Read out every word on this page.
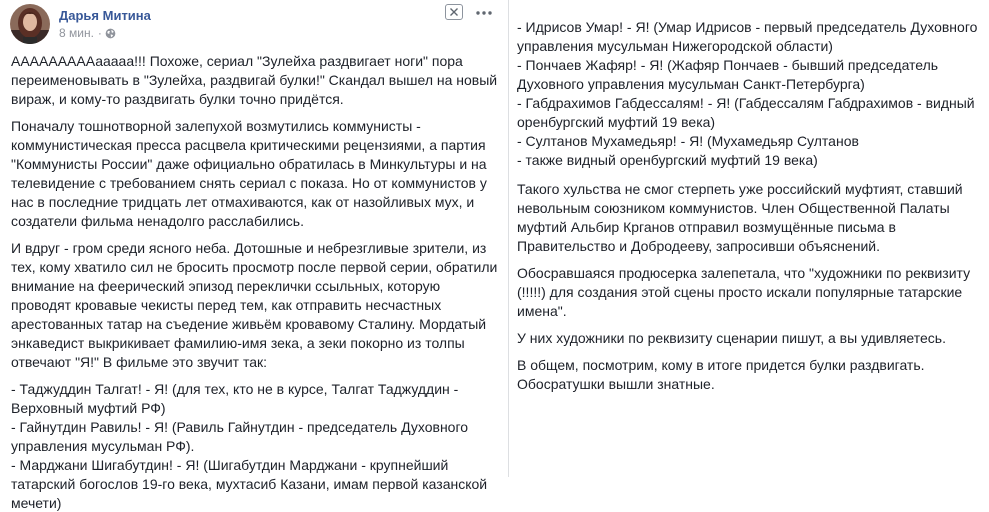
Дарья Митина
8 мин. ·

АААААААААааааа!!! Похоже, сериал "Зулейха раздвигает ноги" пора переименовывать в "Зулейха, раздвигай булки!" Скандал вышел на новый вираж, и кому-то раздвигать булки точно придётся.

Поначалу тошнотворной залепухой возмутились коммунисты - коммунистическая пресса расцвела критическими рецензиями, а партия "Коммунисты России" даже официально обратилась в Минкультуры и на телевидение с требованием снять сериал с показа. Но от коммунистов у нас в последние тридцать лет отмахиваются, как от назойливых мух, и создатели фильма ненадолго расслабились.

И вдруг - гром среди ясного неба. Дотошные и небрезгливые зрители, из тех, кому хватило сил не бросить просмотр после первой серии, обратили внимание на феерический эпизод переклички ссыльных, которую проводят кровавые чекисты перед тем, как отправить несчастных арестованных татар на съедение живьём кровавому Сталину. Мордатый энкаведист выкрикивает фамилию-имя зека, а зеки покорно из толпы отвечают "Я!" В фильме это звучит так:

- Таджуддин Талгат! - Я! (для тех, кто не в курсе, Талгат Таджуддин - Верховный муфтий РФ)
- Гайнутдин Равиль! - Я! (Равиль Гайнутдин - председатель Духовного управления мусульман РФ).
- Марджани Шигабутдин! - Я! (Шигабутдин Марджани - крупнейший татарский богослов 19-го века, мухтасиб Казани, имам первой казанской мечети)
- Идрисов Умар! - Я! (Умар Идрисов - первый председатель Духовного управления мусульман Нижегородской области)
- Пончаев Жафяр! - Я! (Жафяр Пончаев - бывший председатель Духовного управления мусульман Санкт-Петербурга)
- Габдрахимов Габдессалям! - Я! (Габдессалям Габдрахимов - видный оренбургский муфтий 19 века)
- Султанов Мухамедьяр! - Я! (Мухамедьяр Султанов
- также видный оренбургский муфтий 19 века)

Такого хульства не смог стерпеть уже российский муфтият, ставший невольным союзником коммунистов. Член Общественной Палаты муфтий Альбир Крганов отправил возмущённые письма в Правительство и Добродееву, запросивши объяснений.

Обосравшаяся продюсерка залепетала, что "художники по реквизиту (!!!!!) для создания этой сцены просто искали популярные татарские имена".

У них художники по реквизиту сценарии пишут, а вы удивляетесь.

В общем, посмотрим, кому в итоге придется булки раздвигать. Обосратушки вышли знатные.
